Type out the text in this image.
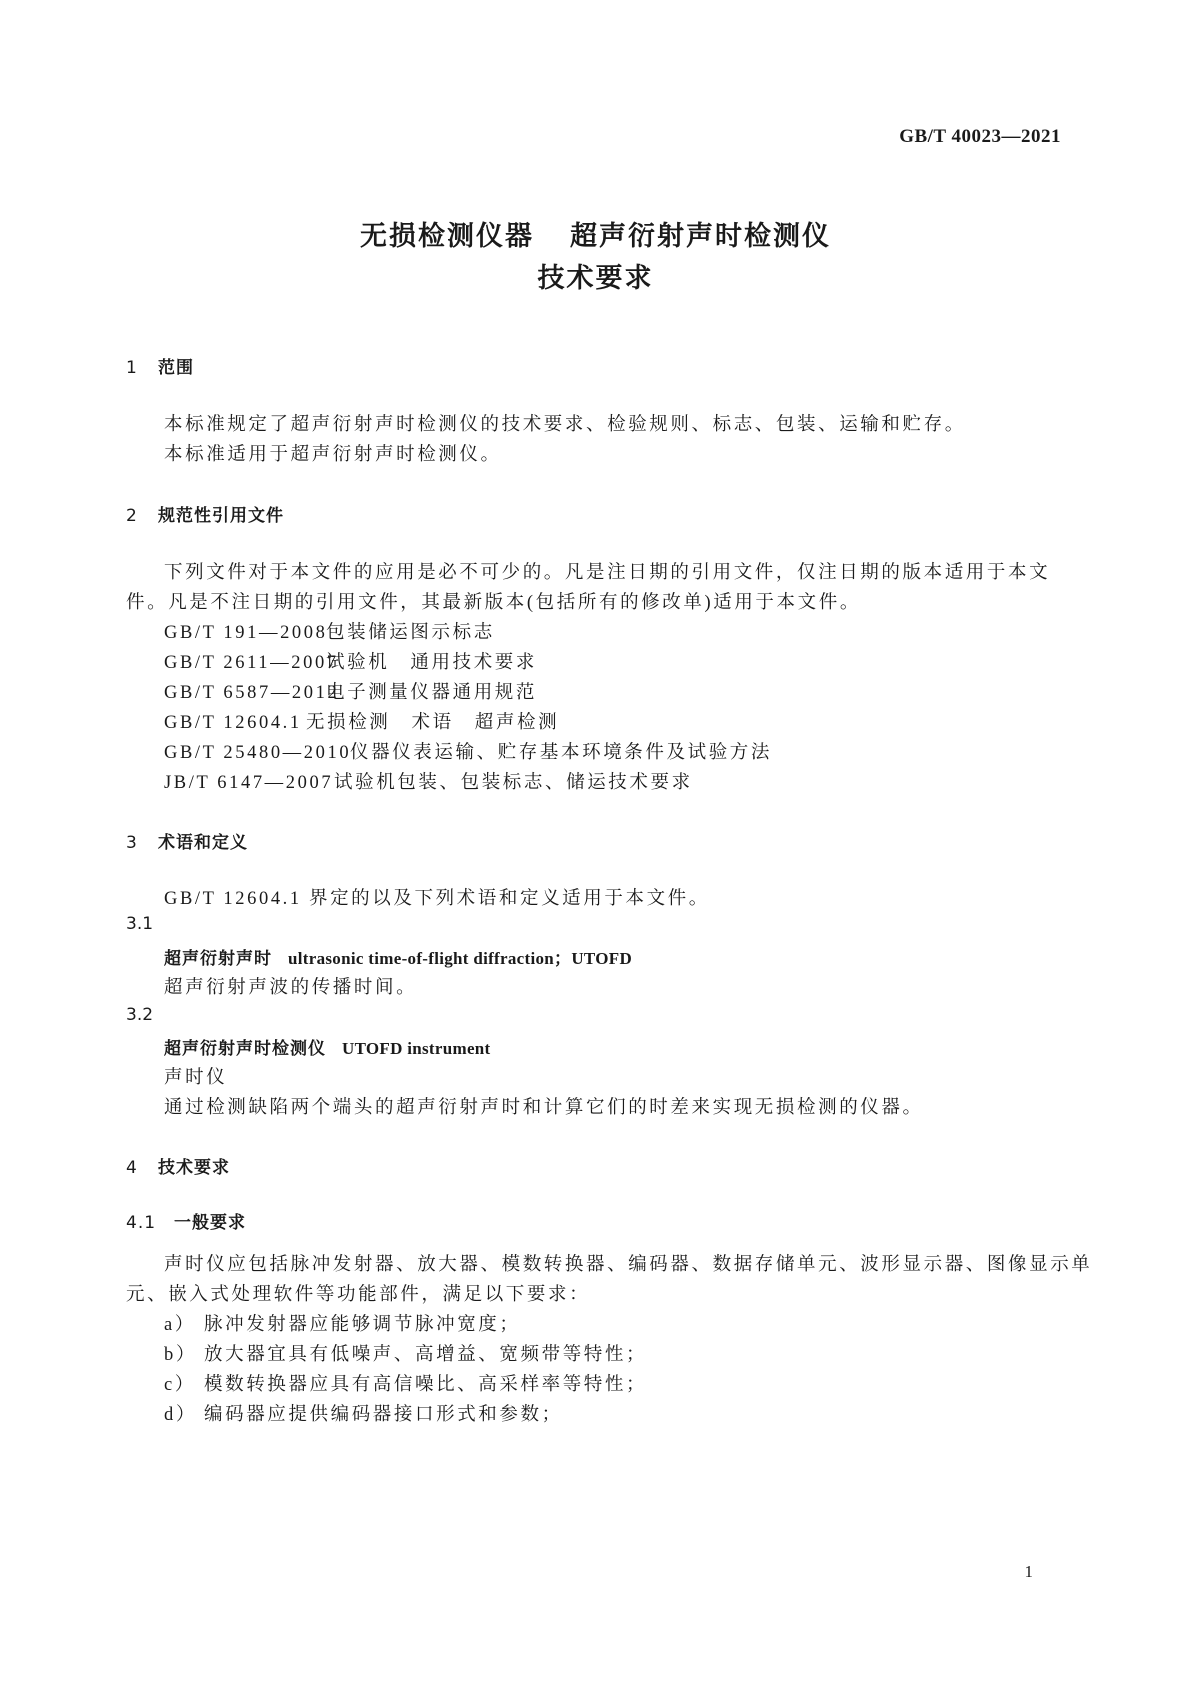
GB/T 40023—2021
无损检测仪器 超声衍射声时检测仪
技术要求
1 范围
本标准规定了超声衍射声时检测仪的技术要求、检验规则、标志、包装、运输和贮存。
本标准适用于超声衍射声时检测仪。
2 规范性引用文件
下列文件对于本文件的应用是必不可少的。凡是注日期的引用文件，仅注日期的版本适用于本文
件。凡是不注日期的引用文件，其最新版本(包括所有的修改单)适用于本文件。
GB/T 191—2008包装储运图示标志
GB/T 2611—2007试验机　通用技术要求
GB/T 6587—2012电子测量仪器通用规范
GB/T 12604.1 无损检测　术语　超声检测
GB/T 25480—2010仪器仪表运输、贮存基本环境条件及试验方法
JB/T 6147—2007试验机包装、包装标志、储运技术要求
3 术语和定义
GB/T 12604.1 界定的以及下列术语和定义适用于本文件。
3.1
超声衍射声时 ultrasonic time-of-flight diffraction；UTOFD
超声衍射声波的传播时间。
3.2
超声衍射声时检测仪 UTOFD instrument
声时仪
通过检测缺陷两个端头的超声衍射声时和计算它们的时差来实现无损检测的仪器。
4 技术要求
4.1 一般要求
声时仪应包括脉冲发射器、放大器、模数转换器、编码器、数据存储单元、波形显示器、图像显示单
元、嵌入式处理软件等功能部件，满足以下要求：
a） 脉冲发射器应能够调节脉冲宽度；
b） 放大器宜具有低噪声、高增益、宽频带等特性；
c） 模数转换器应具有高信噪比、高采样率等特性；
d） 编码器应提供编码器接口形式和参数；
1
